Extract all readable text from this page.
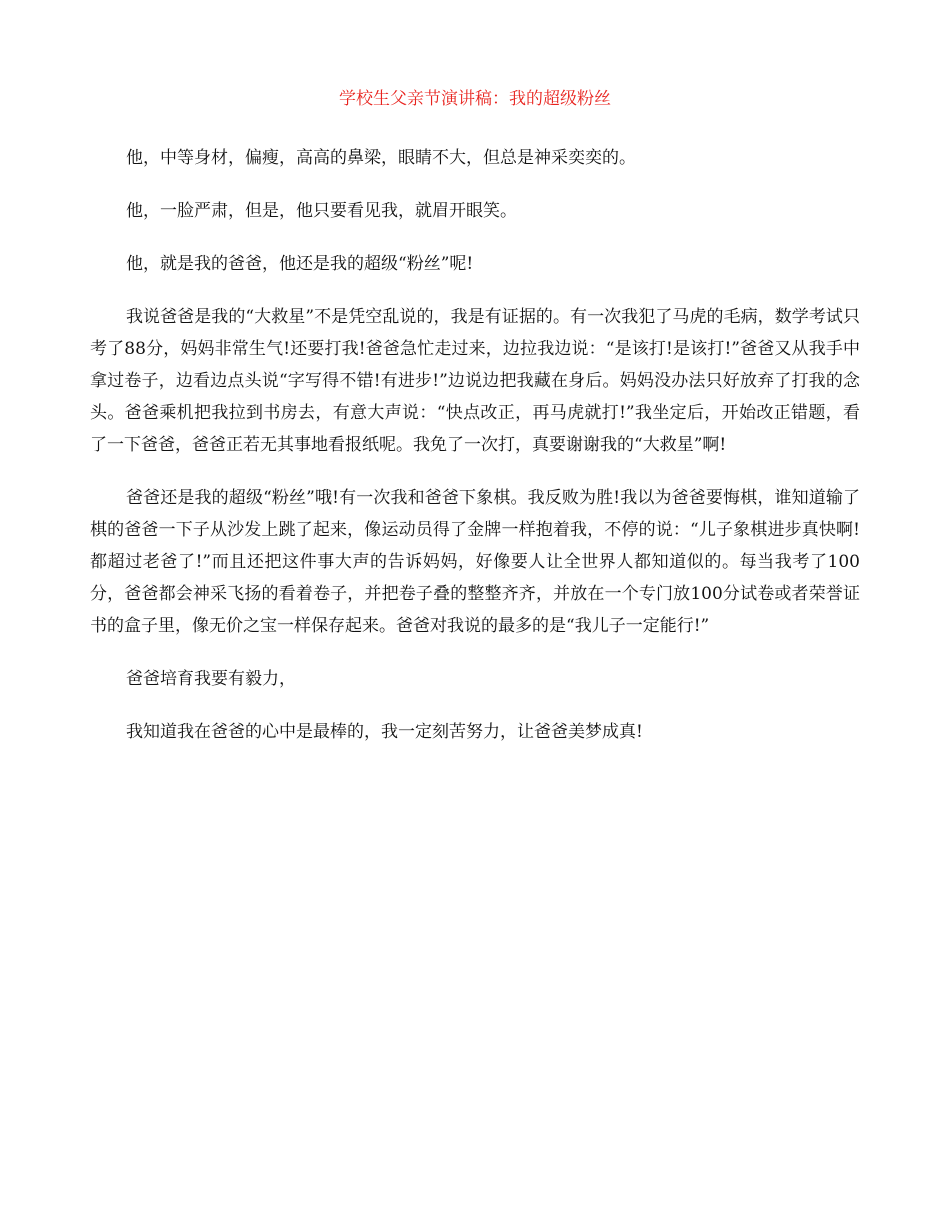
学校生父亲节演讲稿：我的超级粉丝

他，中等身材，偏瘦，高高的鼻梁，眼睛不大，但总是神采奕奕的。

他，一脸严肃，但是，他只要看见我，就眉开眼笑。

他，就是我的爸爸，他还是我的超级“粉丝”呢!

我说爸爸是我的“大救星”不是凭空乱说的，我是有证据的。有一次我犯了马虎的毛病，数学考试只考了88分，妈妈非常生气!还要打我!爸爸急忙走过来，边拉我边说：“是该打!是该打!”爸爸又从我手中拿过卷子，边看边点头说“字写得不错!有进步!”边说边把我藏在身后。妈妈没办法只好放弃了打我的念头。爸爸乘机把我拉到书房去，有意大声说：“快点改正，再马虎就打!”我坐定后，开始改正错题，看了一下爸爸，爸爸正若无其事地看报纸呢。我免了一次打，真要谢谢我的“大救星”啊!

爸爸还是我的超级“粉丝”哦!有一次我和爸爸下象棋。我反败为胜!我以为爸爸要悔棋，谁知道输了棋的爸爸一下子从沙发上跳了起来，像运动员得了金牌一样抱着我，不停的说：“儿子象棋进步真快啊!都超过老爸了!”而且还把这件事大声的告诉妈妈，好像要人让全世界人都知道似的。每当我考了100分，爸爸都会神采飞扬的看着卷子，并把卷子叠的整整齐齐，并放在一个专门放100分试卷或者荣誉证书的盒子里，像无价之宝一样保存起来。爸爸对我说的最多的是“我儿子一定能行!”

爸爸培育我要有毅力，

我知道我在爸爸的心中是最棒的，我一定刻苦努力，让爸爸美梦成真!
